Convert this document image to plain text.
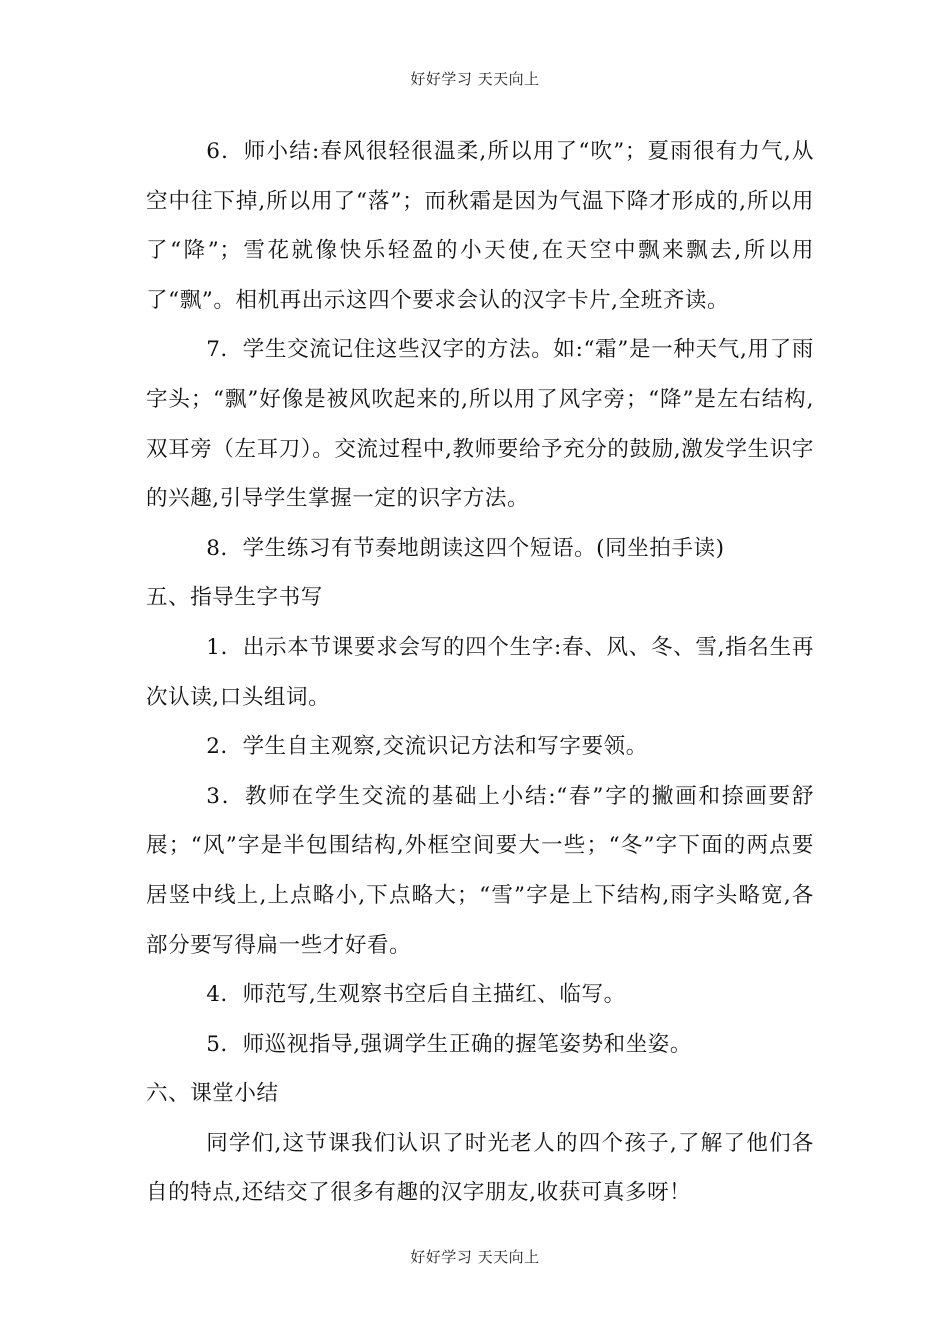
好好学习 天天向上

6．师小结:春风很轻很温柔,所以用了“吹”；夏雨很有力气,从空中往下掉,所以用了“落”；而秋霜是因为气温下降才形成的,所以用了“降”；雪花就像快乐轻盈的小天使,在天空中飘来飘去,所以用了“飘”。相机再出示这四个要求会认的汉字卡片,全班齐读。

7．学生交流记住这些汉字的方法。如:“霜”是一种天气,用了雨字头；“飘”好像是被风吹起来的,所以用了风字旁；“降”是左右结构,双耳旁（左耳刀）。交流过程中,教师要给予充分的鼓励,激发学生识字的兴趣,引导学生掌握一定的识字方法。

8．学生练习有节奏地朗读这四个短语。(同坐拍手读)

五、指导生字书写

1．出示本节课要求会写的四个生字:春、风、冬、雪,指名生再次认读,口头组词。

2．学生自主观察,交流识记方法和写字要领。

3．教师在学生交流的基础上小结:“春”字的撇画和捺画要舒展；“风”字是半包围结构,外框空间要大一些；“冬”字下面的两点要居竖中线上,上点略小,下点略大；“雪”字是上下结构,雨字头略宽,各部分要写得扁一些才好看。

4．师范写,生观察书空后自主描红、临写。

5．师巡视指导,强调学生正确的握笔姿势和坐姿。

六、课堂小结

同学们,这节课我们认识了时光老人的四个孩子,了解了他们各自的特点,还结交了很多有趣的汉字朋友,收获可真多呀！

好好学习 天天向上
